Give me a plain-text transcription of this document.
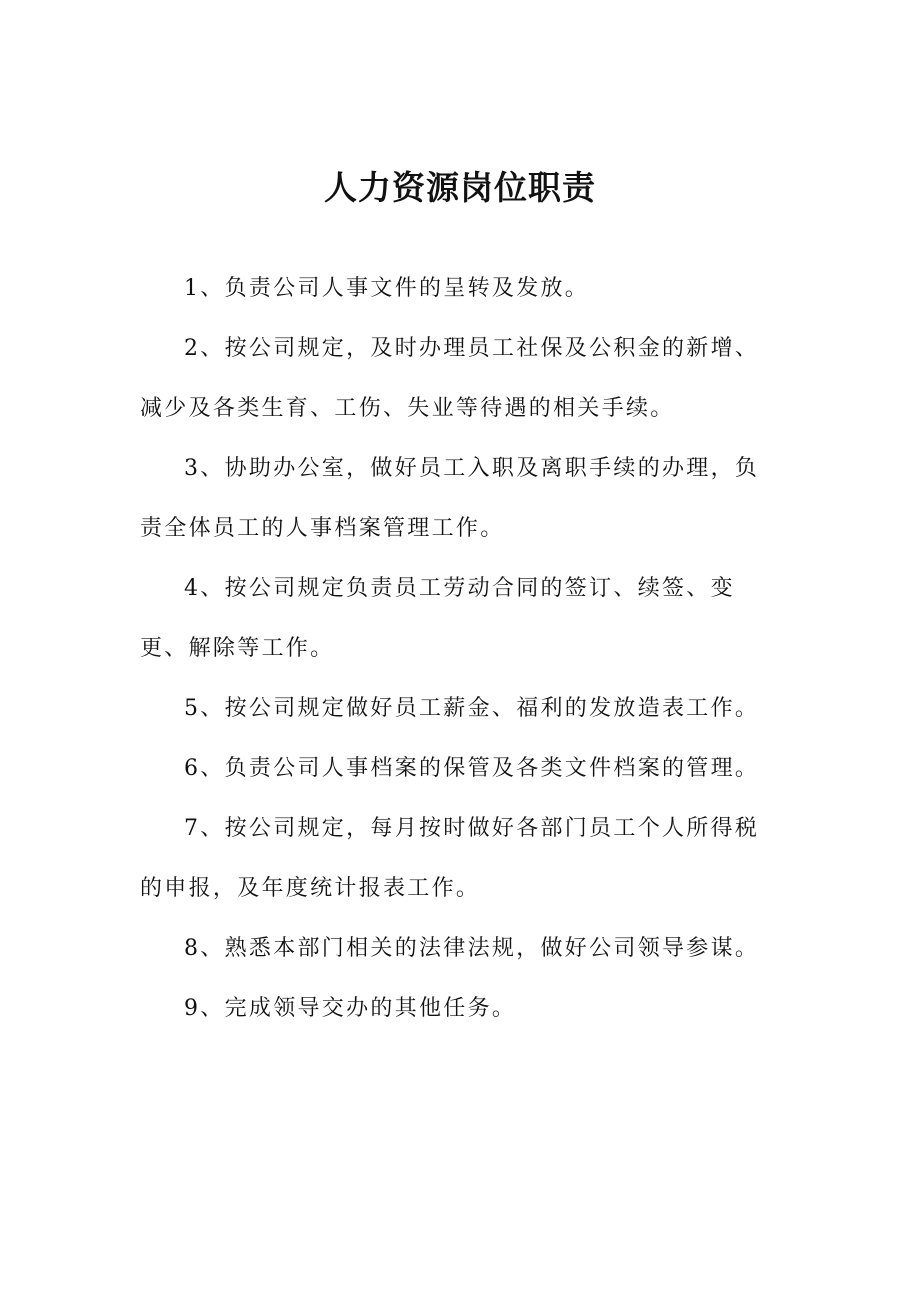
人力资源岗位职责

1、负责公司人事文件的呈转及发放。

2、按公司规定，及时办理员工社保及公积金的新增、减少及各类生育、工伤、失业等待遇的相关手续。

3、协助办公室，做好员工入职及离职手续的办理，负责全体员工的人事档案管理工作。

4、按公司规定负责员工劳动合同的签订、续签、变更、解除等工作。

5、按公司规定做好员工薪金、福利的发放造表工作。

6、负责公司人事档案的保管及各类文件档案的管理。

7、按公司规定，每月按时做好各部门员工个人所得税的申报，及年度统计报表工作。

8、熟悉本部门相关的法律法规，做好公司领导参谋。

9、完成领导交办的其他任务。
